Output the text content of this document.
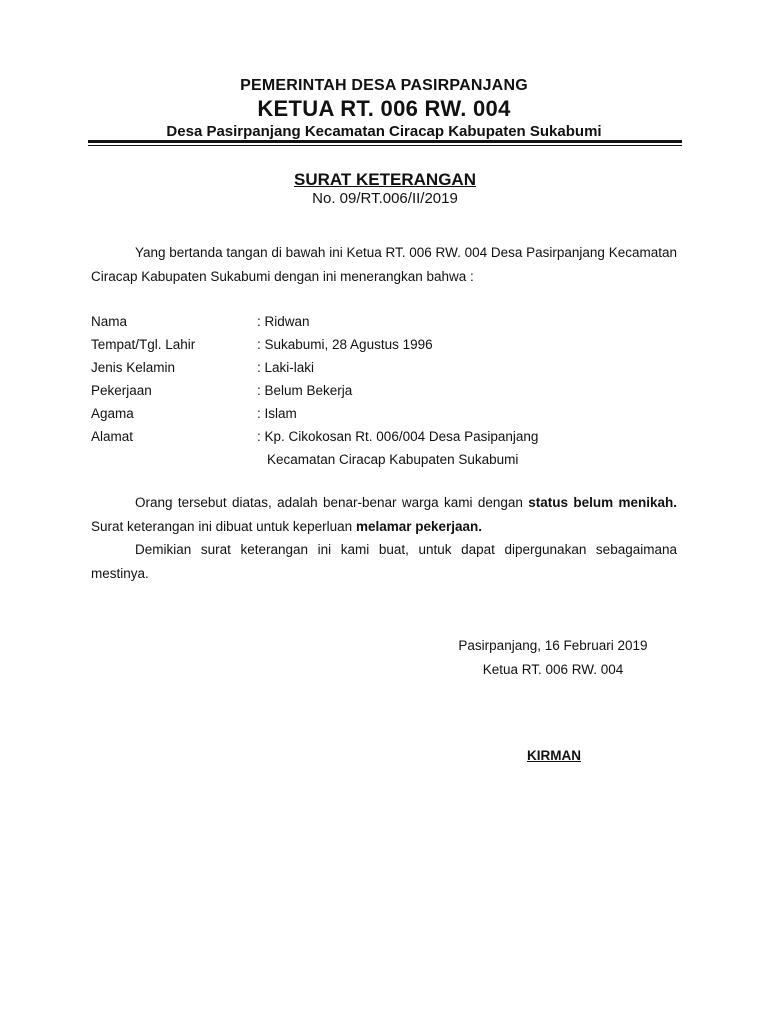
PEMERINTAH DESA PASIRPANJANG
KETUA RT. 006 RW. 004
Desa Pasirpanjang Kecamatan Ciracap Kabupaten Sukabumi
SURAT KETERANGAN
No. 09/RT.006/II/2019

Yang bertanda tangan di bawah ini Ketua RT. 006 RW. 004 Desa Pasirpanjang Kecamatan Ciracap Kabupaten Sukabumi dengan ini menerangkan bahwa :

Nama	: Ridwan
Tempat/Tgl. Lahir	: Sukabumi, 28 Agustus 1996
Jenis Kelamin	: Laki-laki
Pekerjaan	: Belum Bekerja
Agama	: Islam
Alamat	: Kp. Cikokosan Rt. 006/004 Desa Pasipanjang
Kecamatan Ciracap Kabupaten Sukabumi

Orang tersebut diatas, adalah benar-benar warga kami dengan status belum menikah. Surat keterangan ini dibuat untuk keperluan melamar pekerjaan.

Demikian surat keterangan ini kami buat, untuk dapat dipergunakan sebagaimana mestinya.

Pasirpanjang, 16 Februari 2019
Ketua RT. 006 RW. 004
KIRMAN
